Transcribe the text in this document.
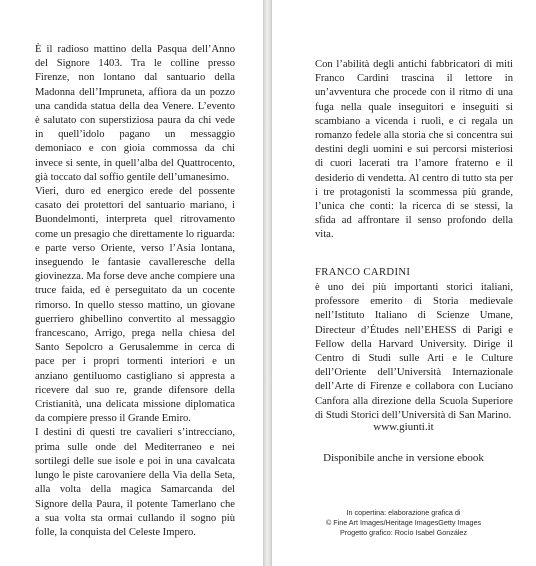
È il radioso mattino della Pasqua dell’Anno del Signore 1403. Tra le colline presso Firenze, non lontano dal santuario della Madonna dell’Impruneta, affiora da un pozzo una candida statua della dea Venere. L’evento è salutato con superstiziosa paura da chi vede in quell’idolo pagano un messaggio demoniaco e con gioia commossa da chi invece si sente, in quell’alba del Quattrocento, già toccato dal soffio gentile dell’umanesimo.

Vieri, duro ed energico erede del possente casato dei protettori del santuario mariano, i Buondelmonti, interpreta quel ritrovamento come un presagio che direttamente lo riguarda: e parte verso Oriente, verso l’Asia lontana, inseguendo le fantasie cavalleresche della giovinezza. Ma forse deve anche compiere una truce faida, ed è perseguitato da un cocente rimorso. In quello stesso mattino, un giovane guerriero ghibellino convertito al messaggio francescano, Arrigo, prega nella chiesa del Santo Sepolcro a Gerusalemme in cerca di pace per i propri tormenti interiori e un anziano gentiluomo castigliano si appresta a ricevere dal suo re, grande difensore della Cristianità, una delicata missione diplomatica da compiere presso il Grande Emiro.

I destini di questi tre cavalieri s’intrecciano, prima sulle onde del Mediterraneo e nei sortilegi delle sue isole e poi in una cavalcata lungo le piste carovaniere della Via della Seta, alla volta della magica Samarcanda del Signore della Paura, il potente Tamerlano che a sua volta sta ormai cullando il sogno più folle, la conquista del Celeste Impero.

Con l’abilità degli antichi fabbricatori di miti Franco Cardini trascina il lettore in un’avventura che procede con il ritmo di una fuga nella quale inseguitori e inseguiti si scambiano a vicenda i ruoli, e ci regala un romanzo fedele alla storia che si concentra sui destini degli uomini e sui percorsi misteriosi di cuori lacerati tra l’amore fraterno e il desiderio di vendetta. Al centro di tutto sta per i tre protagonisti la scommessa più grande, l’unica che conti: la ricerca di se stessi, la sfida ad affrontare il senso profondo della vita.

FRANCO CARDINI
è uno dei più importanti storici italiani, professore emerito di Storia medievale nell’Istituto Italiano di Scienze Umane, Directeur d’Études nell’EHESS di Parigi e Fellow della Harvard University. Dirige il Centro di Studi sulle Arti e le Culture dell’Oriente dell’Università Internazionale dell’Arte di Firenze e collabora con Luciano Canfora alla direzione della Scuola Superiore di Studi Storici dell’Università di San Marino.
www.giunti.it
Disponibile anche in versione ebook
In copertina: elaborazione grafica di
© Fine Art Images/Heritage ImagesGetty Images
Progetto grafico: Rocío Isabel González
